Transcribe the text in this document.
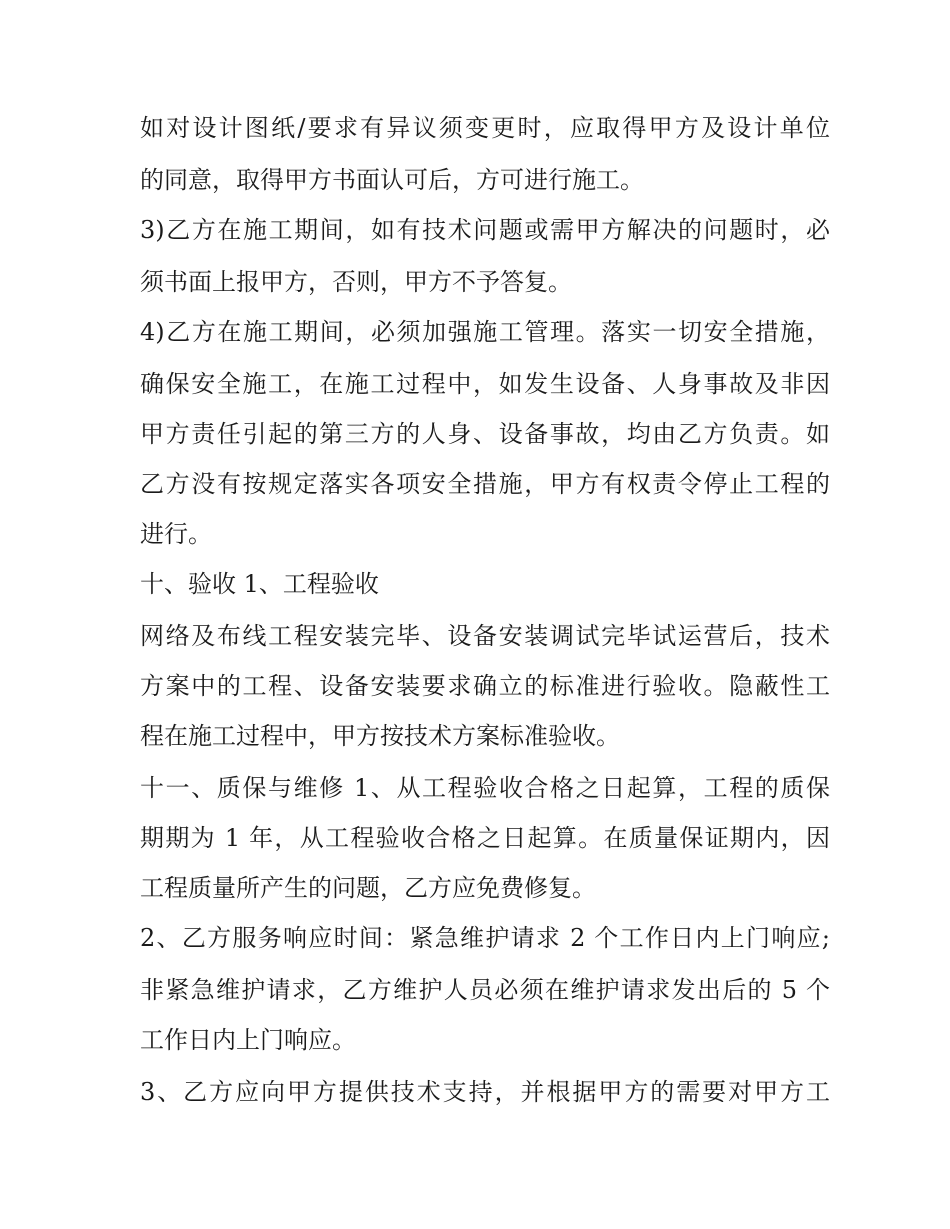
如对设计图纸/要求有异议须变更时，应取得甲方及设计单位
的同意，取得甲方书面认可后，方可进行施工。
3)乙方在施工期间，如有技术问题或需甲方解决的问题时，必
须书面上报甲方，否则，甲方不予答复。
4)乙方在施工期间，必须加强施工管理。落实一切安全措施，
确保安全施工，在施工过程中，如发生设备、人身事故及非因
甲方责任引起的第三方的人身、设备事故，均由乙方负责。如
乙方没有按规定落实各项安全措施，甲方有权责令停止工程的
进行。
十、验收 1、工程验收
网络及布线工程安装完毕、设备安装调试完毕试运营后，技术
方案中的工程、设备安装要求确立的标准进行验收。隐蔽性工
程在施工过程中，甲方按技术方案标准验收。
十一、质保与维修 1、从工程验收合格之日起算，工程的质保
期期为 1 年，从工程验收合格之日起算。在质量保证期内，因
工程质量所产生的问题，乙方应免费修复。
2、乙方服务响应时间：紧急维护请求 2 个工作日内上门响应;
非紧急维护请求，乙方维护人员必须在维护请求发出后的 5 个
工作日内上门响应。
3、乙方应向甲方提供技术支持，并根据甲方的需要对甲方工
